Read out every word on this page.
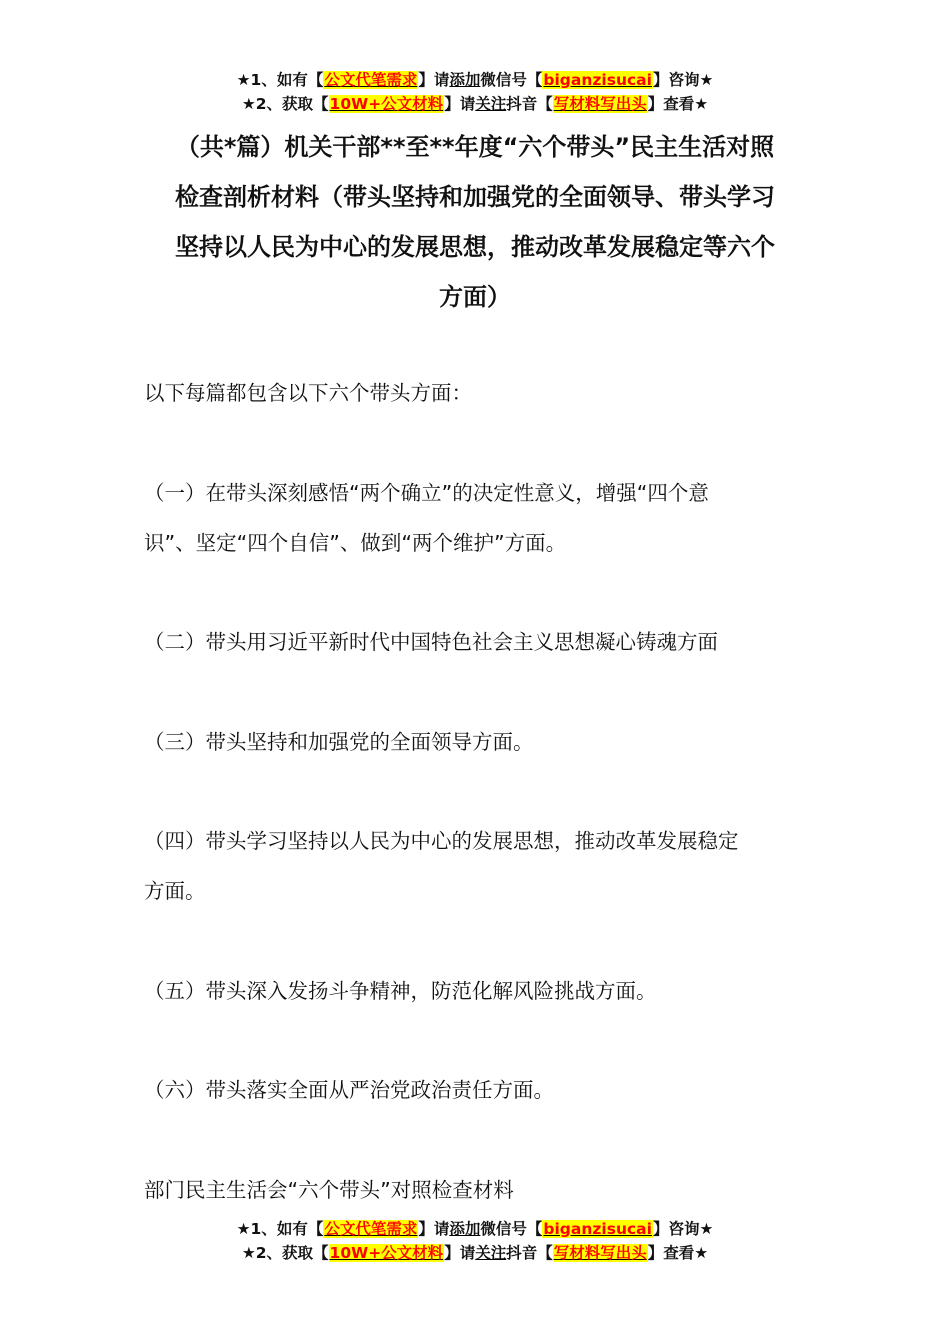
★1、如有【公文代笔需求】请添加微信号【biganzisucai】咨询★
★2、获取【10W+公文材料】请关注抖音【写材料写出头】查看★
（共*篇）机关干部**至**年度“六个带头”民主生活对照
检查剖析材料（带头坚持和加强党的全面领导、带头学习
坚持以人民为中心的发展思想，推动改革发展稳定等六个
方面）

以下每篇都包含以下六个带头方面：

（一）在带头深刻感悟“两个确立”的决定性意义，增强“四个意
识”、坚定“四个自信”、做到“两个维护”方面。

（二）带头用习近平新时代中国特色社会主义思想凝心铸魂方面

（三）带头坚持和加强党的全面领导方面。

（四）带头学习坚持以人民为中心的发展思想，推动改革发展稳定
方面。

（五）带头深入发扬斗争精神，防范化解风险挑战方面。

（六）带头落实全面从严治党政治责任方面。

部门民主生活会“六个带头”对照检查材料

★1、如有【公文代笔需求】请添加微信号【biganzisucai】咨询★
★2、获取【10W+公文材料】请关注抖音【写材料写出头】查看★
